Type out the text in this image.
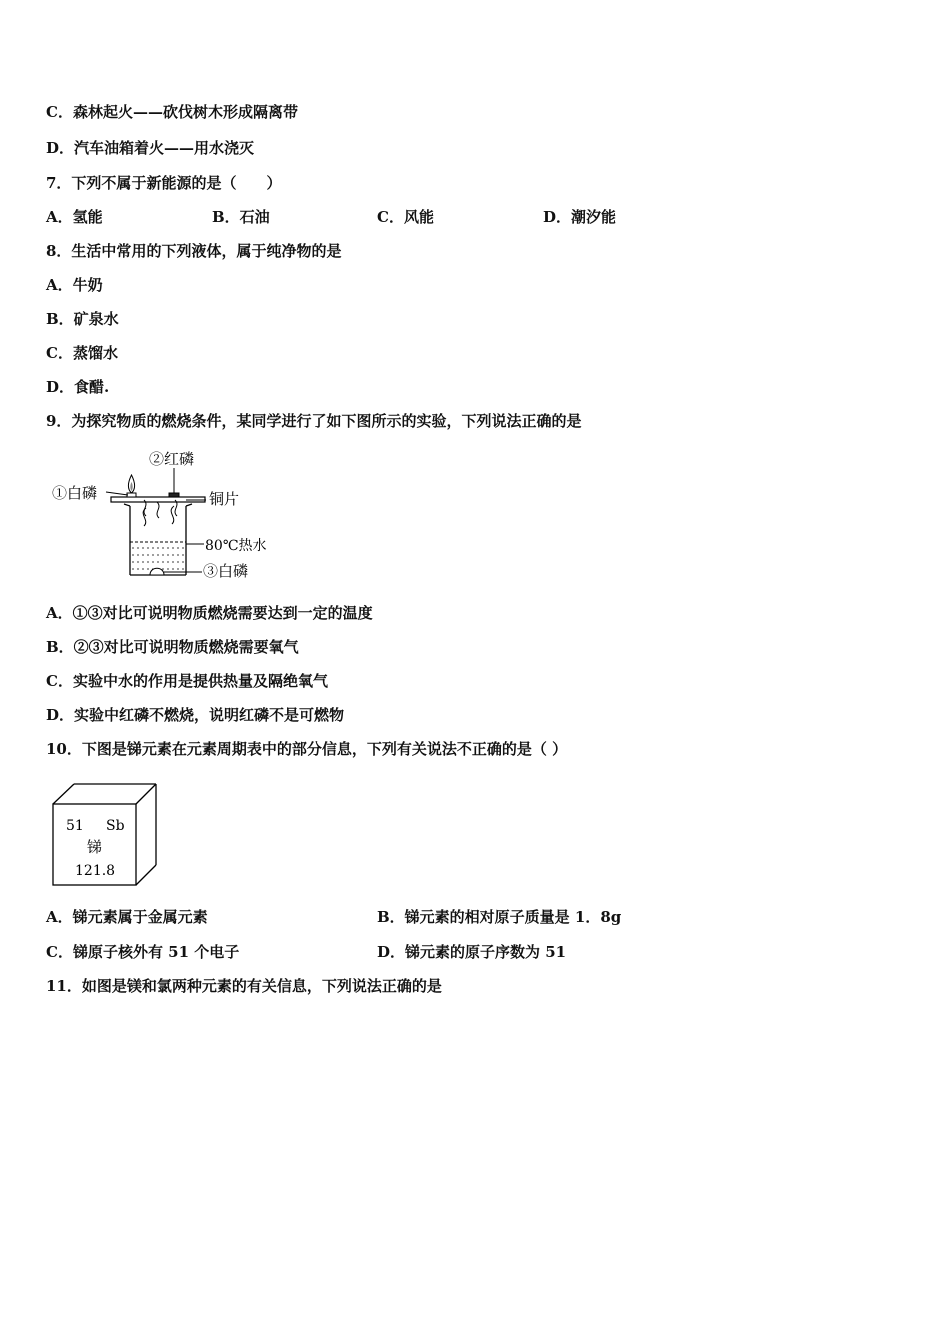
C．森林起火——砍伐树木形成隔离带
D．汽车油箱着火——用水浇灭
7．下列不属于新能源的是（　　）
A．氢能	B．石油	C．风能	D．潮汐能
8．生活中常用的下列液体，属于纯净物的是
A．牛奶
B．矿泉水
C．蒸馏水
D．食醋.
9．为探究物质的燃烧条件，某同学进行了如下图所示的实验，下列说法正确的是
②红磷
①白磷	铜片
80℃热水
③白磷
A．①③对比可说明物质燃烧需要达到一定的温度
B．②③对比可说明物质燃烧需要氧气
C．实验中水的作用是提供热量及隔绝氧气
D．实验中红磷不燃烧，说明红磷不是可燃物
10．下图是锑元素在元素周期表中的部分信息，下列有关说法不正确的是（ ）
51 Sb
锑
121.8
A．锑元素属于金属元素	B．锑元素的相对原子质量是 1．8g
C．锑原子核外有 51 个电子	D．锑元素的原子序数为 51
11．如图是镁和氯两种元素的有关信息，下列说法正确的是
